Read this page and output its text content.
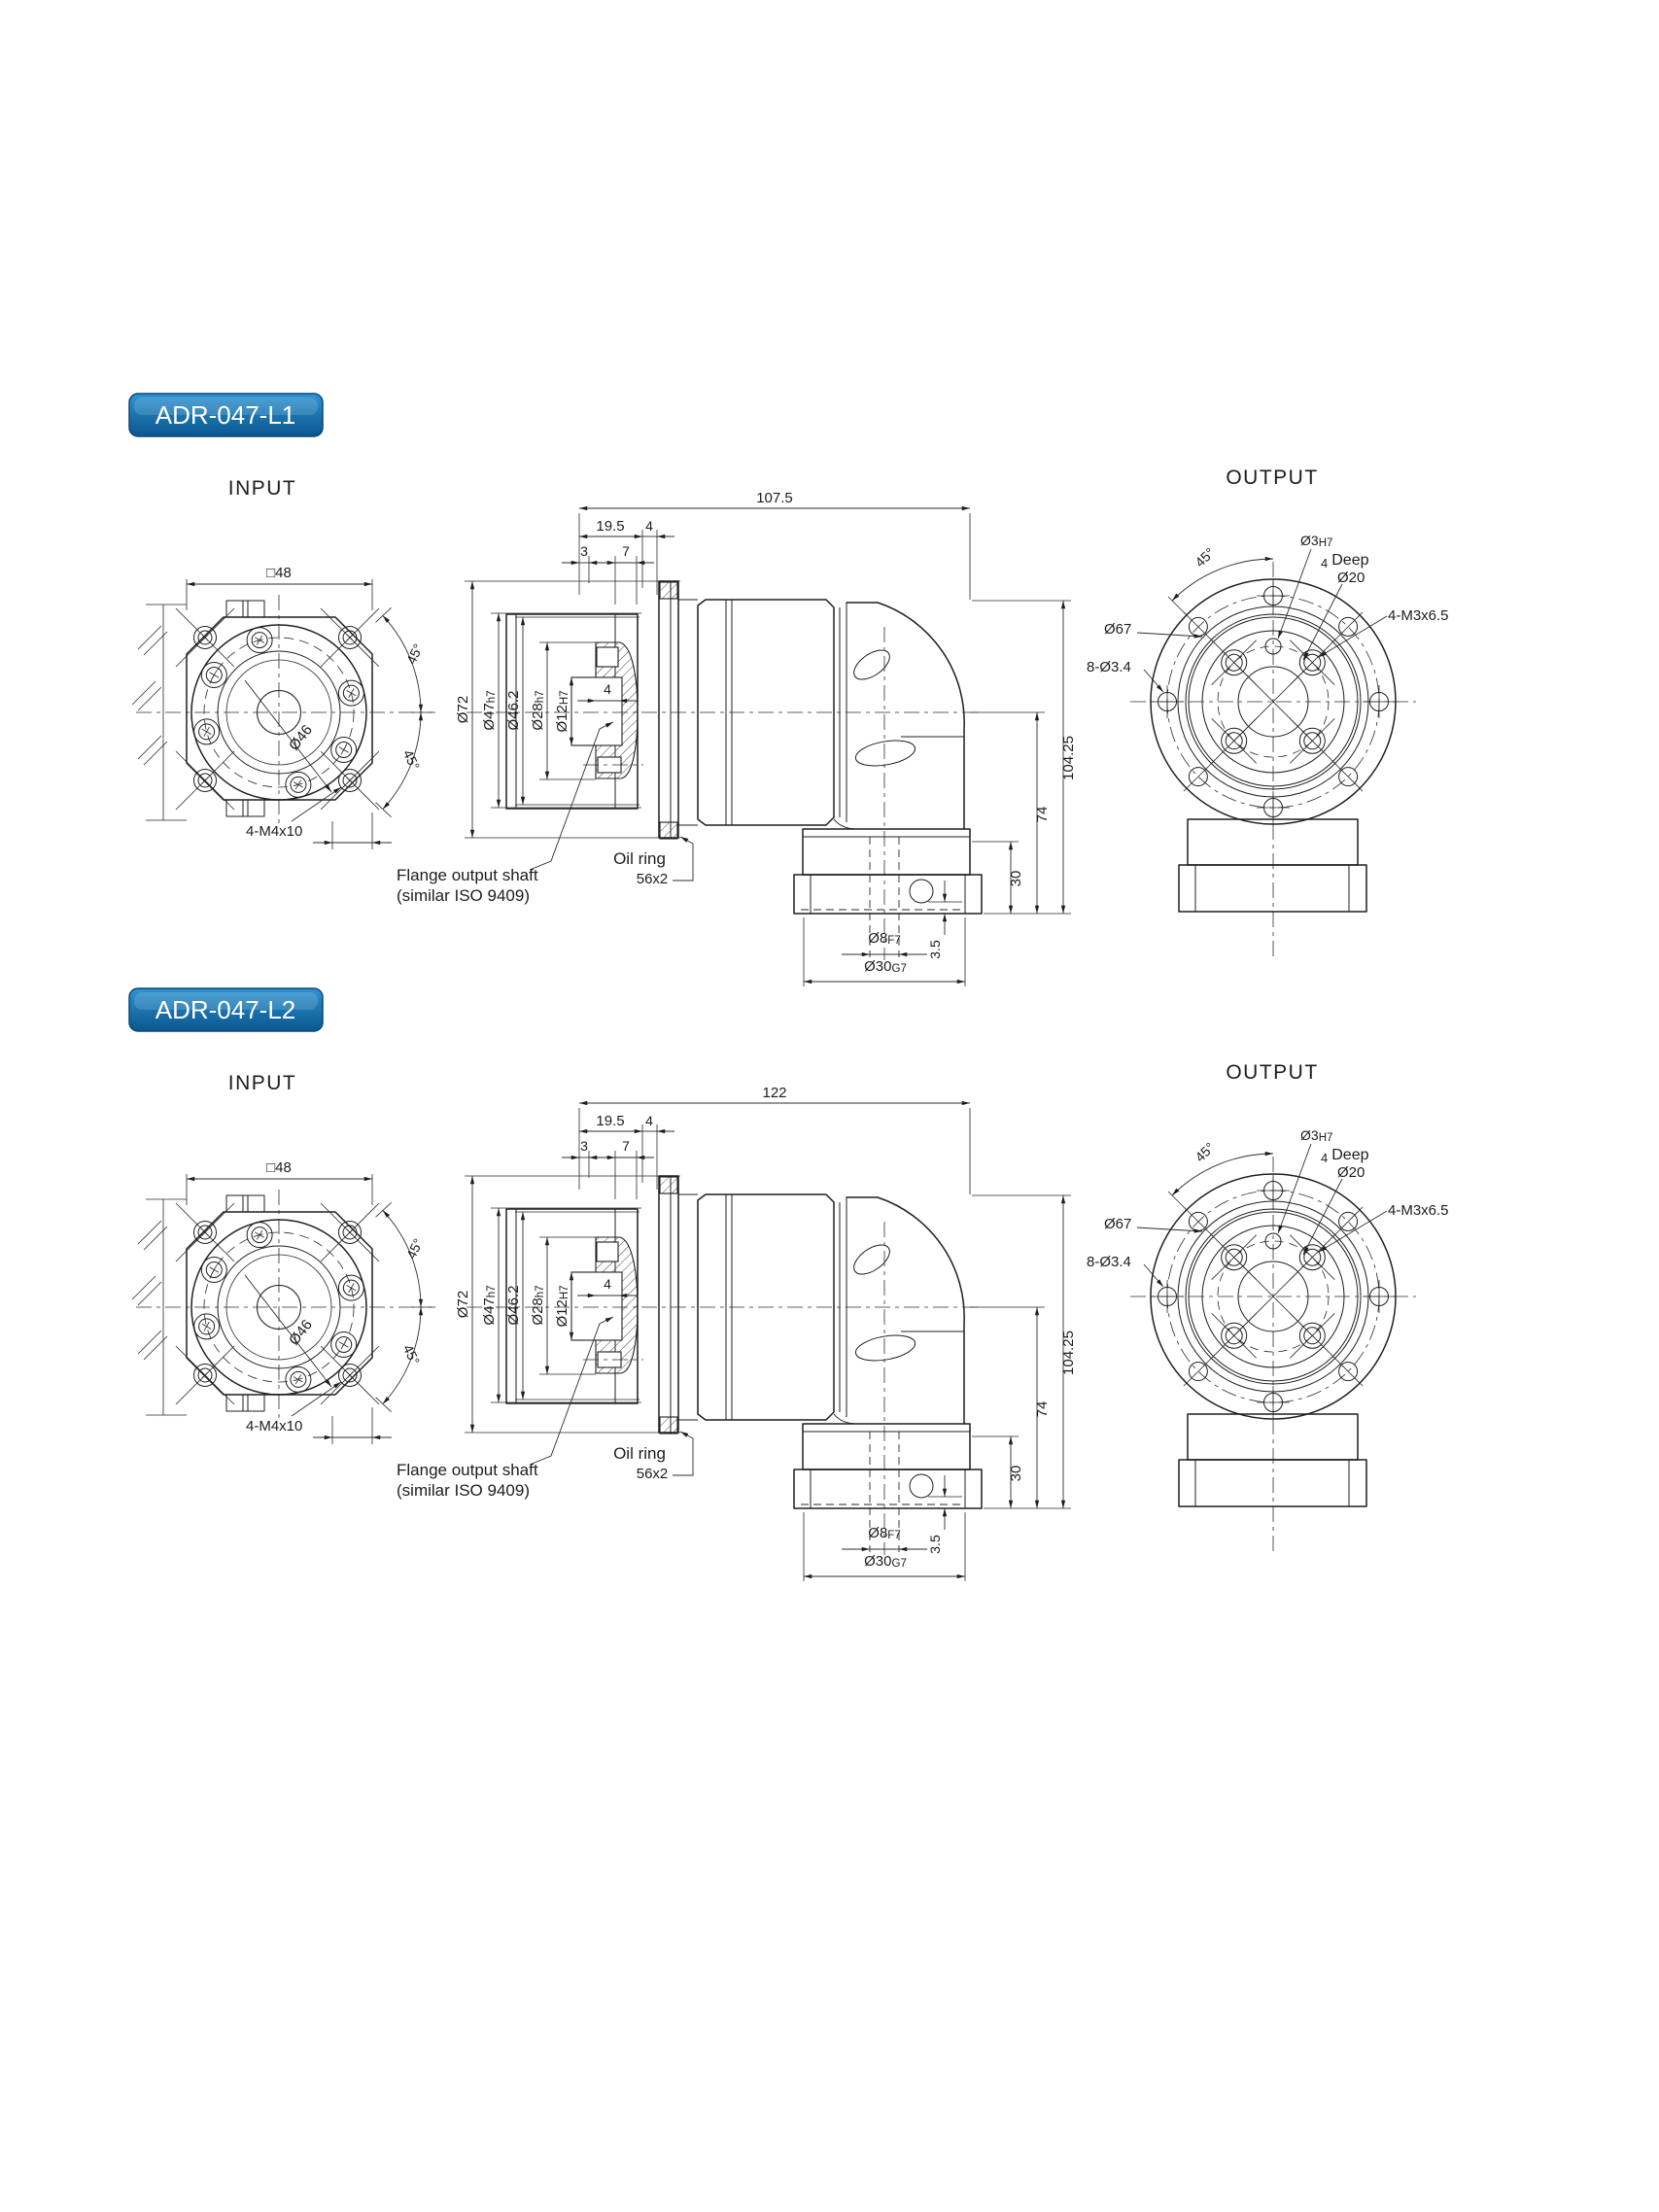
ADR-047-L1
INPUT	OUTPUT
□48
Ø46
45°
45°
4-M4x10
107.5
19.5 4
3	7
Ø72 Ø47h7 Ø46.2 Ø28h7
Ø12H7
4
Oil ring
56x2
Flange output shaft
(similar ISO 9409)
104.25
74
30
3.5
Ø8F7
Ø30G7
45°
Ø3H7
4 Deep
Ø20
4-M3x6.5
Ø67
8-Ø3.4
ADR-047-L2
INPUT	OUTPUT
□48
Ø46
45°
45°
4-M4x10
122
19.5 4
3	7
Ø72 Ø47h7 Ø46.2 Ø28h7
Ø12H7
4
Oil ring
56x2
Flange output shaft
(similar ISO 9409)
104.25
74
30
3.5
Ø8F7
Ø30G7
45°
Ø3H7
4 Deep
Ø20
4-M3x6.5
Ø67
8-Ø3.4
